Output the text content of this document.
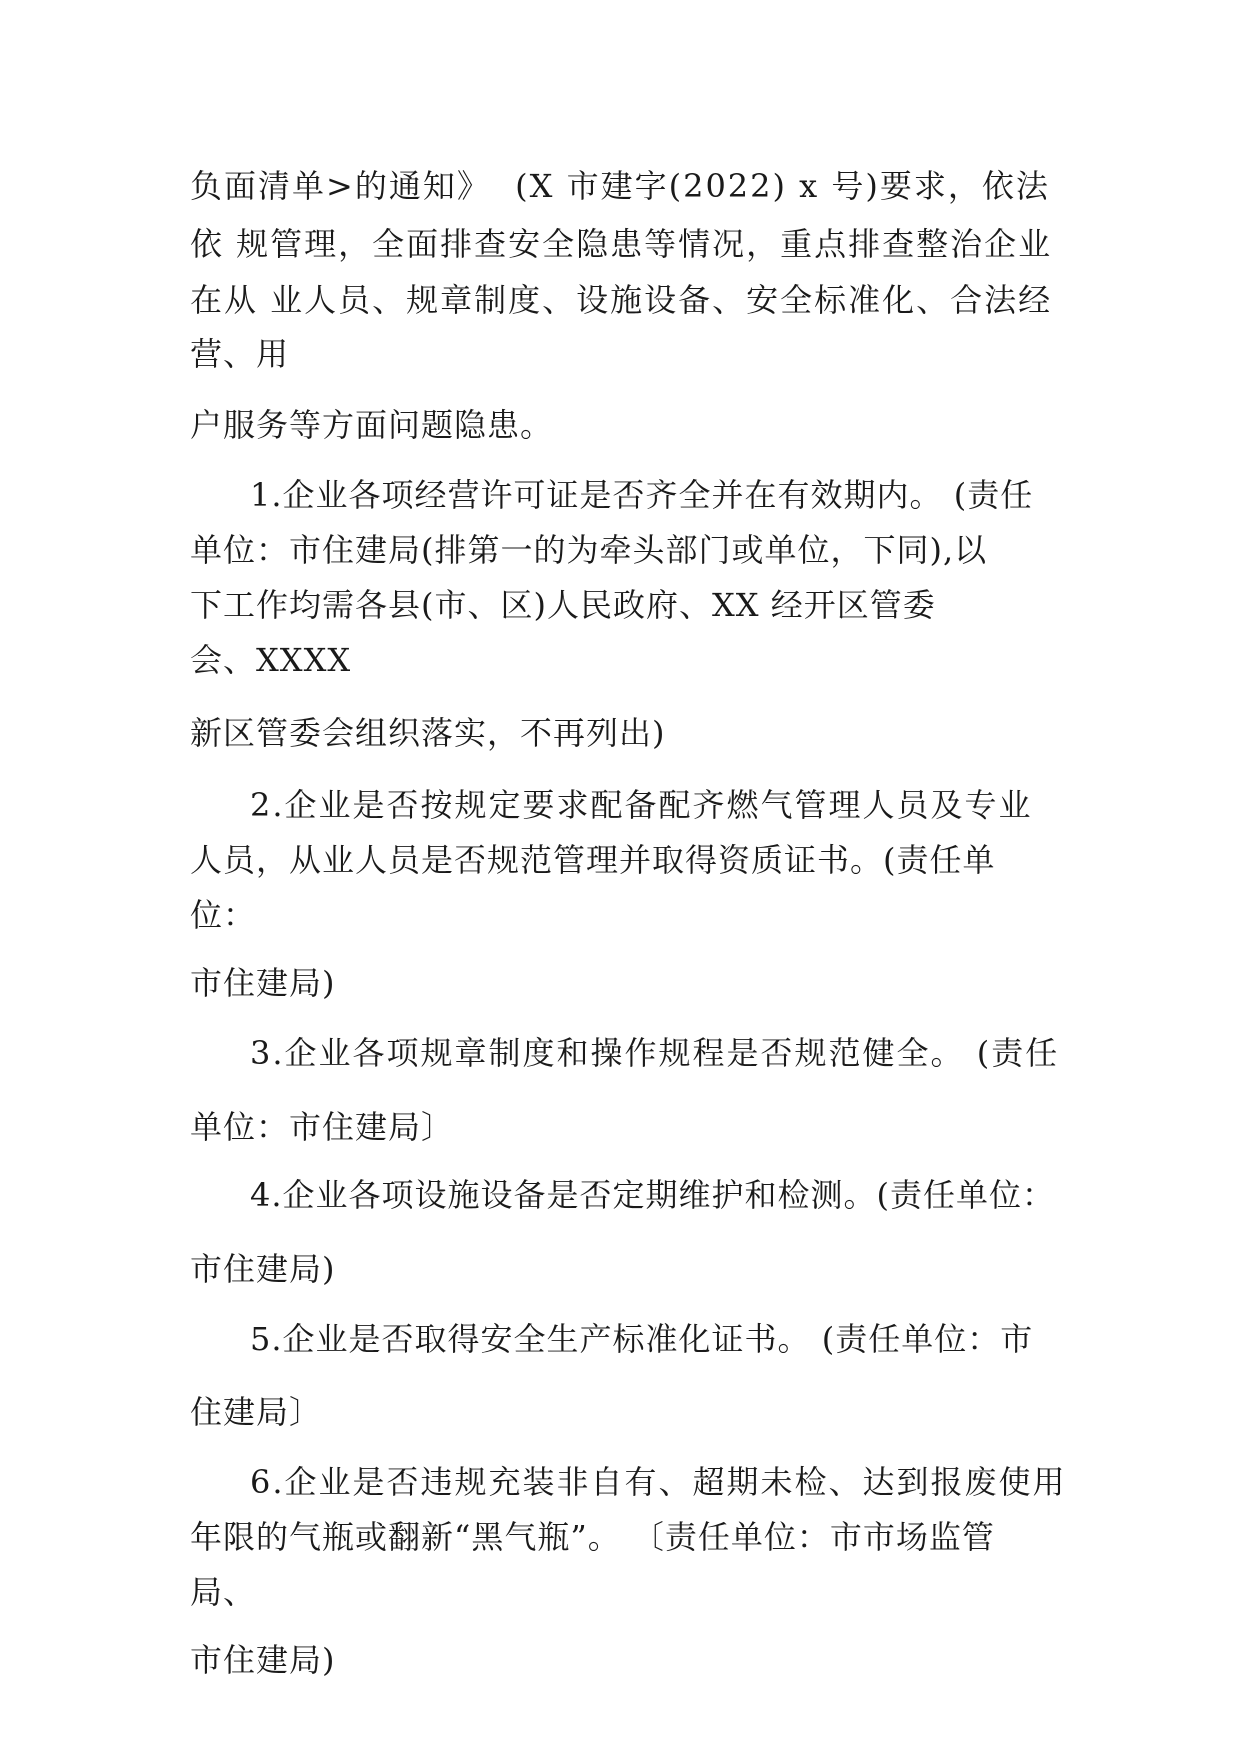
负面清单>的通知》  (X 市建字(2022) x 号)要求，依法
依 规管理，全面排查安全隐患等情况，重点排查整治企业
在从 业人员、规章制度、设施设备、安全标准化、合法经
营、用
户服务等方面问题隐患。
1.企业各项经营许可证是否齐全并在有效期内。 (责任
单位：市住建局(排第一的为牵头部门或单位，下同),以
下工作均需各县(市、区)人民政府、XX 经开区管委
会、XXXX
新区管委会组织落实，不再列出)
2.企业是否按规定要求配备配齐燃气管理人员及专业
人员，从业人员是否规范管理并取得资质证书。(责任单
位：
市住建局)
3.企业各项规章制度和操作规程是否规范健全。 (责任
单位：市住建局〕
4.企业各项设施设备是否定期维护和检测。(责任单位：
市住建局)
5.企业是否取得安全生产标准化证书。 (责任单位：市
住建局〕
6.企业是否违规充装非自有、超期未检、达到报废使用
年限的气瓶或翻新“黑气瓶”。 〔责任单位：市市场监管
局、
市住建局)
